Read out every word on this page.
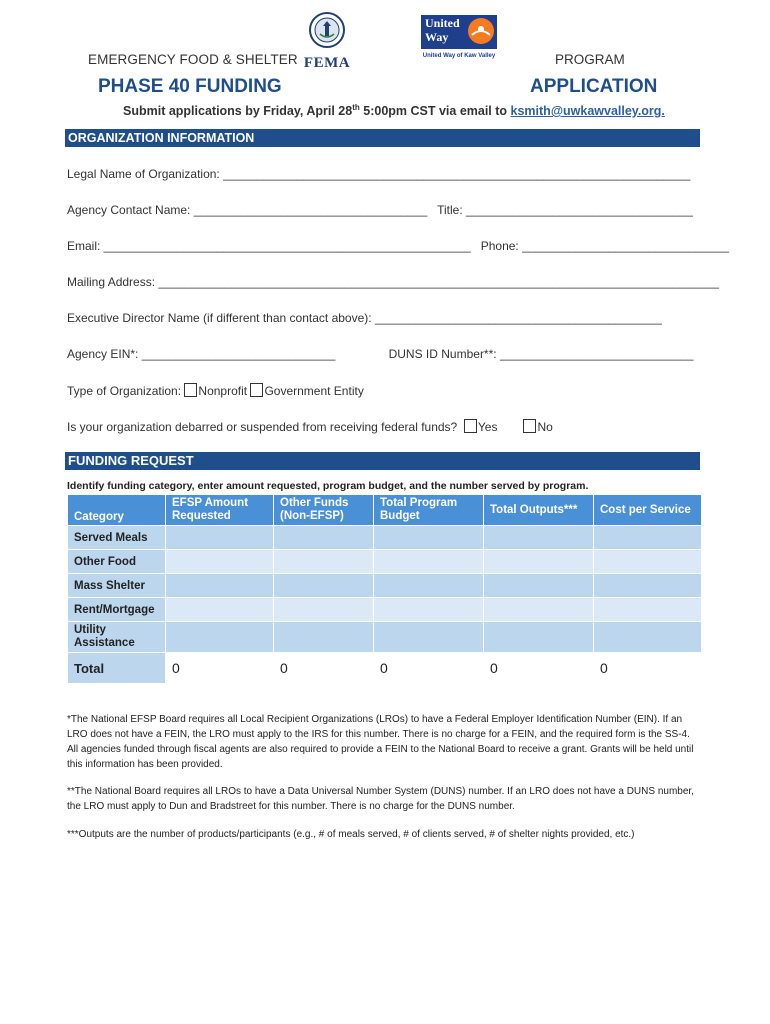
EMERGENCY FOOD & SHELTER	PROGRAM
PHASE 40 FUNDING	APPLICATION
FEMA
United
Way
United Way of Kaw Valley
Submit applications by Friday, April 28th 5:00pm CST via email to ksmith@uwkawvalley.org.
ORGANIZATION INFORMATION
Legal Name of Organization: ______________________________________________________________________
Agency Contact Name: ___________________________________   Title: __________________________________
Email: _______________________________________________________   Phone: _______________________________
Mailing Address: ____________________________________________________________________________________
Executive Director Name (if different than contact above): ___________________________________________
Agency EIN*: _____________________________                DUNS ID Number**: _____________________________
Type of Organization: Nonprofit Government Entity
Is your organization debarred or suspended from receiving federal funds?  Yes	No
FUNDING REQUEST
Identify funding category, enter amount requested, program budget, and the number served by program.
Category	EFSP Amount Requested	Other Funds (Non-EFSP)	Total Program Budget	Total Outputs***	Cost per Service
Served Meals					
Other Food					
Mass Shelter					
Rent/Mortgage					
Utility Assistance					
Total	0	0	0	0	0
*The National EFSP Board requires all Local Recipient Organizations (LROs) to have a Federal Employer Identification Number (EIN). If an LRO does not have a FEIN, the LRO must apply to the IRS for this number. There is no charge for a FEIN, and the required form is the SS-4. All agencies funded through fiscal agents are also required to provide a FEIN to the National Board to receive a grant. Grants will be held until this information has been provided.
**The National Board requires all LROs to have a Data Universal Number System (DUNS) number. If an LRO does not have a DUNS number, the LRO must apply to Dun and Bradstreet for this number. There is no charge for the DUNS number.
***Outputs are the number of products/participants (e.g., # of meals served, # of clients served, # of shelter nights provided, etc.)
